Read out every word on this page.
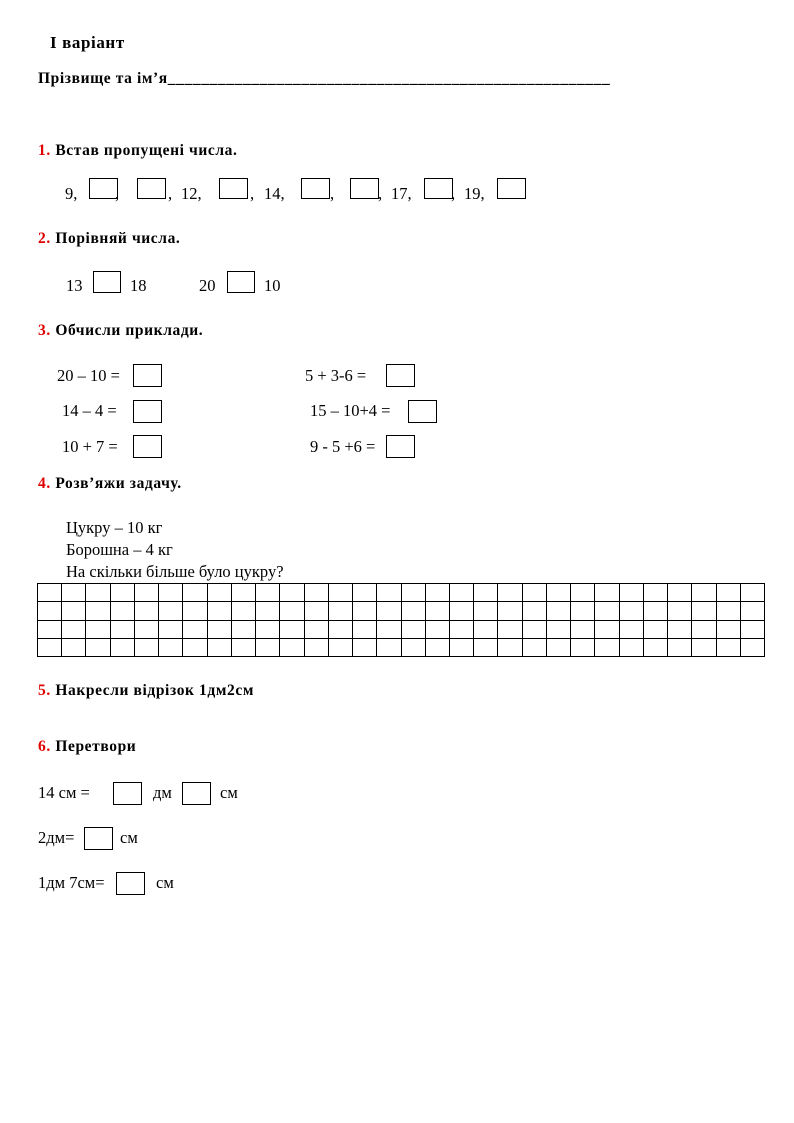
І варіант
Прізвище та ім’я_____________________________________________________
1. Встав пропущені числа.
9, ,	, 12,	, 14,	,	, 17, , 19,
2. Порівняй числа.
13	18	20	10
3. Обчисли приклади.
20 – 10 =
14 – 4 =
10 + 7 =
5 + 3-6 =
15 – 10+4 =
9 - 5 +6 =
4. Розв’яжи задачу.
Цукру – 10 кг
Борошна – 4 кг
На скільки більше було цукру?
5. Накресли відрізок 1дм2см
6. Перетвори
14 см =	дм	см
2дм=	см
1дм 7см=	см
